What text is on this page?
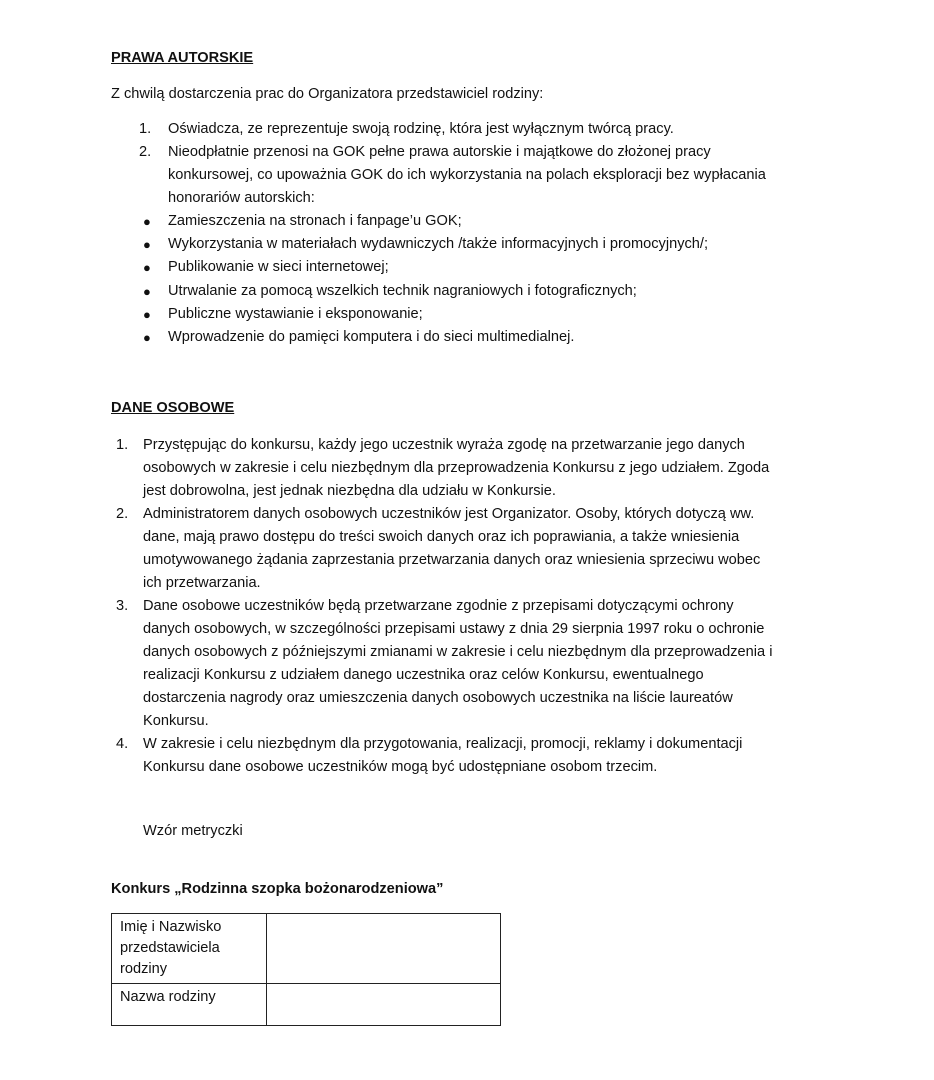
PRAWA AUTORSKIE
Z chwilą dostarczenia prac do Organizatora przedstawiciel rodziny:
1. Oświadcza, ze reprezentuje swoją rodzinę, która jest wyłącznym twórcą pracy.
2. Nieodpłatnie przenosi na GOK pełne prawa autorskie i majątkowe do złożonej pracy
konkursowej, co upoważnia GOK do ich wykorzystania na polach eksploracji bez wypłacania
honorariów autorskich:
● Zamieszczenia na stronach i fanpage’u GOK;
● Wykorzystania w materiałach wydawniczych /także informacyjnych i promocyjnych/;
● Publikowanie w sieci internetowej;
● Utrwalanie za pomocą wszelkich technik nagraniowych i fotograficznych;
● Publiczne wystawianie i eksponowanie;
● Wprowadzenie do pamięci komputera i do sieci multimedialnej.
DANE OSOBOWE
1. Przystępując do konkursu, każdy jego uczestnik wyraża zgodę na przetwarzanie jego danych
osobowych w zakresie i celu niezbędnym dla przeprowadzenia Konkursu z jego udziałem. Zgoda
jest dobrowolna, jest jednak niezbędna dla udziału w Konkursie.
2. Administratorem danych osobowych uczestników jest Organizator. Osoby, których dotyczą ww.
dane, mają prawo dostępu do treści swoich danych oraz ich poprawiania, a także wniesienia
umotywowanego żądania zaprzestania przetwarzania danych oraz wniesienia sprzeciwu wobec
ich przetwarzania.
3. Dane osobowe uczestników będą przetwarzane zgodnie z przepisami dotyczącymi ochrony
danych osobowych, w szczególności przepisami ustawy z dnia 29 sierpnia 1997 roku o ochronie
danych osobowych z późniejszymi zmianami w zakresie i celu niezbędnym dla przeprowadzenia i
realizacji Konkursu z udziałem danego uczestnika oraz celów Konkursu, ewentualnego
dostarczenia nagrody oraz umieszczenia danych osobowych uczestnika na liście laureatów
Konkursu.
4. W zakresie i celu niezbędnym dla przygotowania, realizacji, promocji, reklamy i dokumentacji
Konkursu dane osobowe uczestników mogą być udostępniane osobom trzecim.
Wzór metryczki
Konkurs „Rodzinna szopka bożonarodzeniowa”
Imię i Nazwisko przedstawiciela rodziny	
Nazwa rodziny	
